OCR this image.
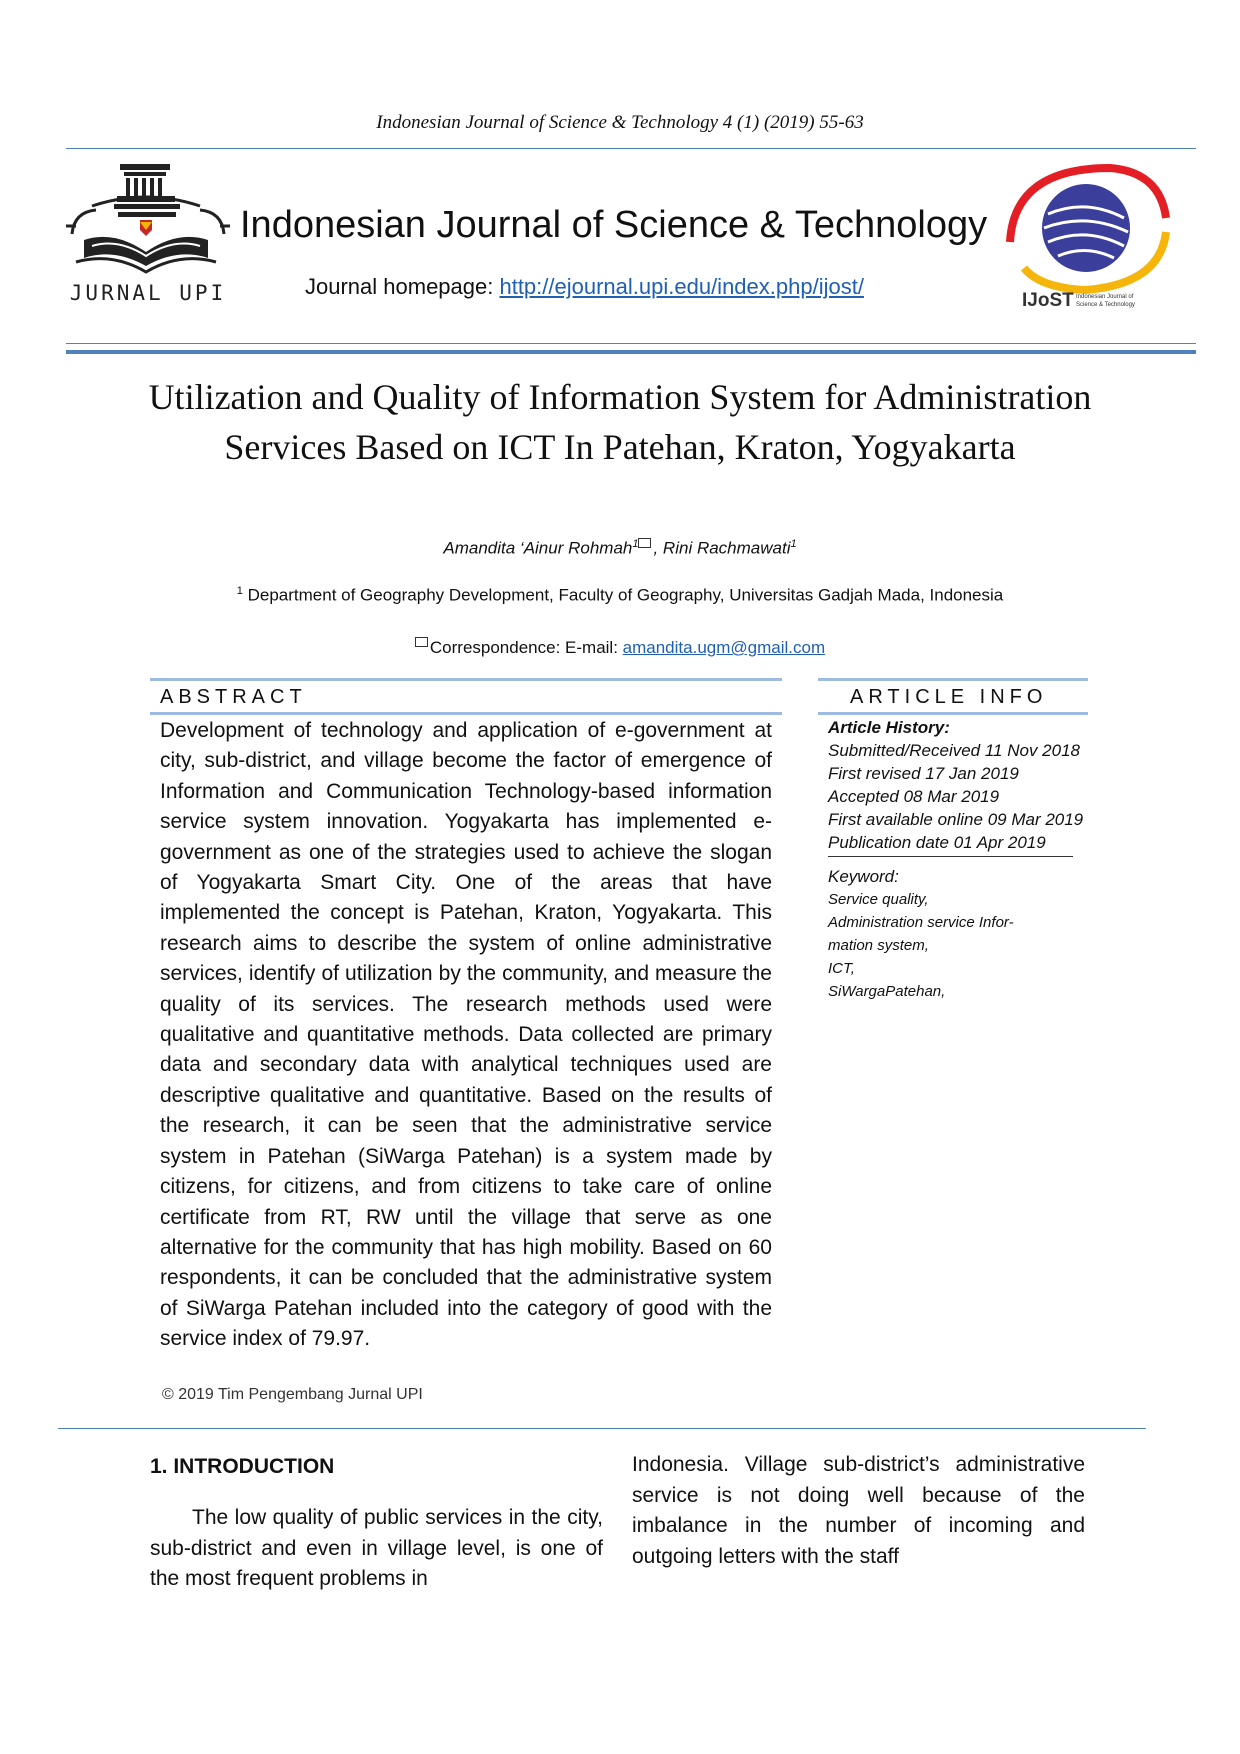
Indonesian Journal of Science & Technology 4 (1) (2019) 55-63
JURNAL UPI
Indonesian Journal of Science & Technology
Journal homepage: http://ejournal.upi.edu/index.php/ijost/
IJoST Indonesian Journal of
Science & Technology
Utilization and Quality of Information System for Administration Services Based on ICT In Patehan, Kraton, Yogyakarta
Amandita ‘Ainur Rohmah$^1$ , Rini Rachmawati$^1$
$^1$ Department of Geography Development, Faculty of Geography, Universitas Gadjah Mada, Indonesia
Correspondence: E-mail: amandita.ugm@gmail.com
ABSTRACT
Development of technology and application of e-government at city, sub-district, and village become the factor of emergence of Information and Communication Technology-based information service system innovation. Yogyakarta has implemented e-government as one of the strategies used to achieve the slogan of Yogyakarta Smart City. One of the areas that have implemented the concept is Patehan, Kraton, Yogyakarta. This research aims to describe the system of online administrative services, identify of utilization by the community, and measure the quality of its services. The research methods used were qualitative and quantitative methods. Data collected are primary data and secondary data with analytical techniques used are descriptive qualitative and quantitative. Based on the results of the research, it can be seen that the administrative service system in Patehan (SiWarga Patehan) is a system made by citizens, for citizens, and from citizens to take care of online certificate from RT, RW until the village that serve as one alternative for the community that has high mobility. Based on 60 respondents, it can be concluded that the administrative system of SiWarga Patehan included into the category of good with the service index of 79.97.
© 2019 Tim Pengembang Jurnal UPI
ARTICLE INFO
Article History:
Submitted/Received 11 Nov 2018
First revised 17 Jan 2019
Accepted 08 Mar 2019
First available online 09 Mar 2019
Publication date 01 Apr 2019
Keyword:
Service quality,
Administration service Infor-
mation system,
ICT,
SiWargaPatehan,
1. INTRODUCTION
The low quality of public services in the city, sub-district and even in village level, is one of the most frequent problems in
Indonesia. Village sub-district’s administrative service is not doing well because of the imbalance in the number of incoming and outgoing letters with the staff
